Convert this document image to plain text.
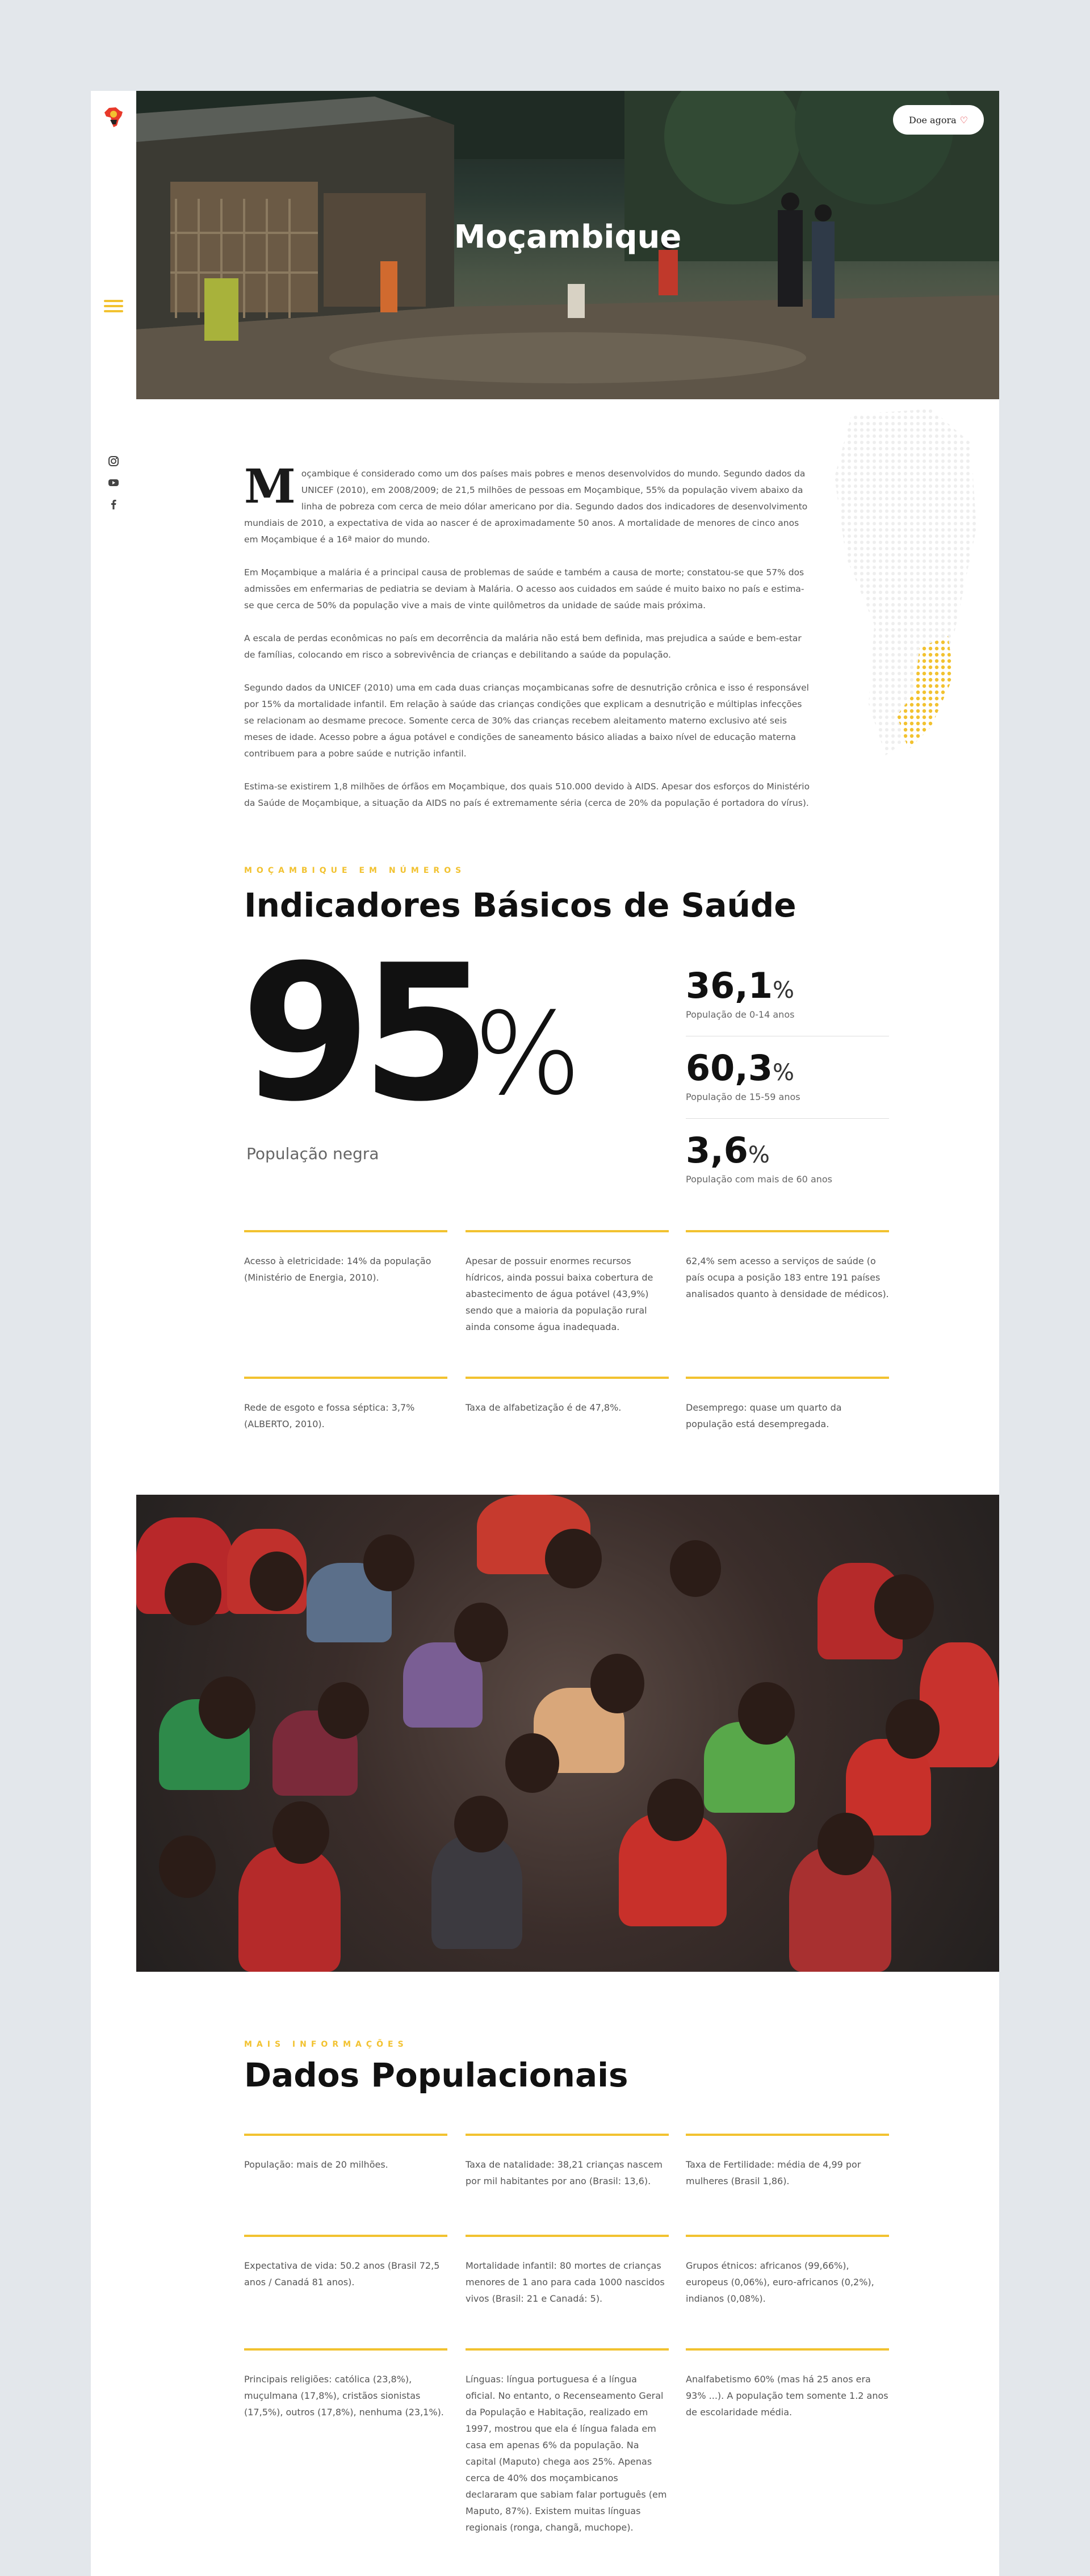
Moçambique
Doe agora ♡

Moçambique é considerado como um dos países mais pobres e menos desenvolvidos do mundo. Segundo dados da UNICEF (2010), em 2008/2009; de 21,5 milhões de pessoas em Moçambique, 55% da população vivem abaixo da linha de pobreza com cerca de meio dólar americano por dia. Segundo dados dos indicadores de desenvolvimento mundiais de 2010, a expectativa de vida ao nascer é de aproximadamente 50 anos. A mortalidade de menores de cinco anos em Moçambique é a 16ª maior do mundo.

Em Moçambique a malária é a principal causa de problemas de saúde e também a causa de morte; constatou-se que 57% dos admissões em enfermarias de pediatria se deviam à Malária. O acesso aos cuidados em saúde é muito baixo no país e estima-se que cerca de 50% da população vive a mais de vinte quilômetros da unidade de saúde mais próxima.

A escala de perdas econômicas no país em decorrência da malária não está bem definida, mas prejudica a saúde e bem-estar de famílias, colocando em risco a sobrevivência de crianças e debilitando a saúde da população.

Segundo dados da UNICEF (2010) uma em cada duas crianças moçambicanas sofre de desnutrição crônica e isso é responsável por 15% da mortalidade infantil. Em relação à saúde das crianças condições que explicam a desnutrição e múltiplas infecções se relacionam ao desmame precoce. Somente cerca de 30% das crianças recebem aleitamento materno exclusivo até seis meses de idade. Acesso pobre a água potável e condições de saneamento básico aliadas a baixo nível de educação materna contribuem para a pobre saúde e nutrição infantil.

Estima-se existirem 1,8 milhões de órfãos em Moçambique, dos quais 510.000 devido à AIDS. Apesar dos esforços do Ministério da Saúde de Moçambique, a situação da AIDS no país é extremamente séria (cerca de 20% da população é portadora do vírus).

MOÇAMBIQUE EM NÚMEROS
Indicadores Básicos de Saúde
95
%
População negra
36,1%
População de 0-14 anos
60,3%
População de 15-59 anos
3,6%
População com mais de 60 anos
Acesso à eletricidade: 14% da população (Ministério de Energia, 2010).
Apesar de possuir enormes recursos hídricos, ainda possui baixa cobertura de abastecimento de água potável (43,9%) sendo que a maioria da população rural ainda consome água inadequada.
62,4% sem acesso a serviços de saúde (o país ocupa a posição 183 entre 191 países analisados quanto à densidade de médicos).
Rede de esgoto e fossa séptica: 3,7% (ALBERTO, 2010).
Taxa de alfabetização é de 47,8%.	Desemprego: quase um quarto da população está desempregada.
MAIS INFORMAÇÕES
Dados Populacionais
População: mais de 20 milhões.	Taxa de natalidade: 38,21 crianças nascem por mil habitantes por ano (Brasil: 13,6).
Taxa de Fertilidade: média de 4,99 por mulheres (Brasil 1,86).
Expectativa de vida: 50.2 anos (Brasil 72,5 anos / Canadá 81 anos).
Mortalidade infantil: 80 mortes de crianças menores de 1 ano para cada 1000 nascidos vivos (Brasil: 21 e Canadá: 5).
Grupos étnicos: africanos (99,66%), europeus (0,06%), euro-africanos (0,2%), indianos (0,08%).
Principais religiões: católica (23,8%), muçulmana (17,8%), cristãos sionistas (17,5%), outros (17,8%), nenhuma (23,1%).
Línguas: língua portuguesa é a língua oficial. No entanto, o Recenseamento Geral da População e Habitação, realizado em 1997, mostrou que ela é língua falada em casa em apenas 6% da população. Na capital (Maputo) chega aos 25%. Apenas cerca de 40% dos moçambicanos declararam que sabiam falar português (em Maputo, 87%). Existem muitas línguas regionais (ronga, changã, muchope).
Analfabetismo 60% (mas há 25 anos era 93% ...). A população tem somente 1.2 anos de escolaridade média.
